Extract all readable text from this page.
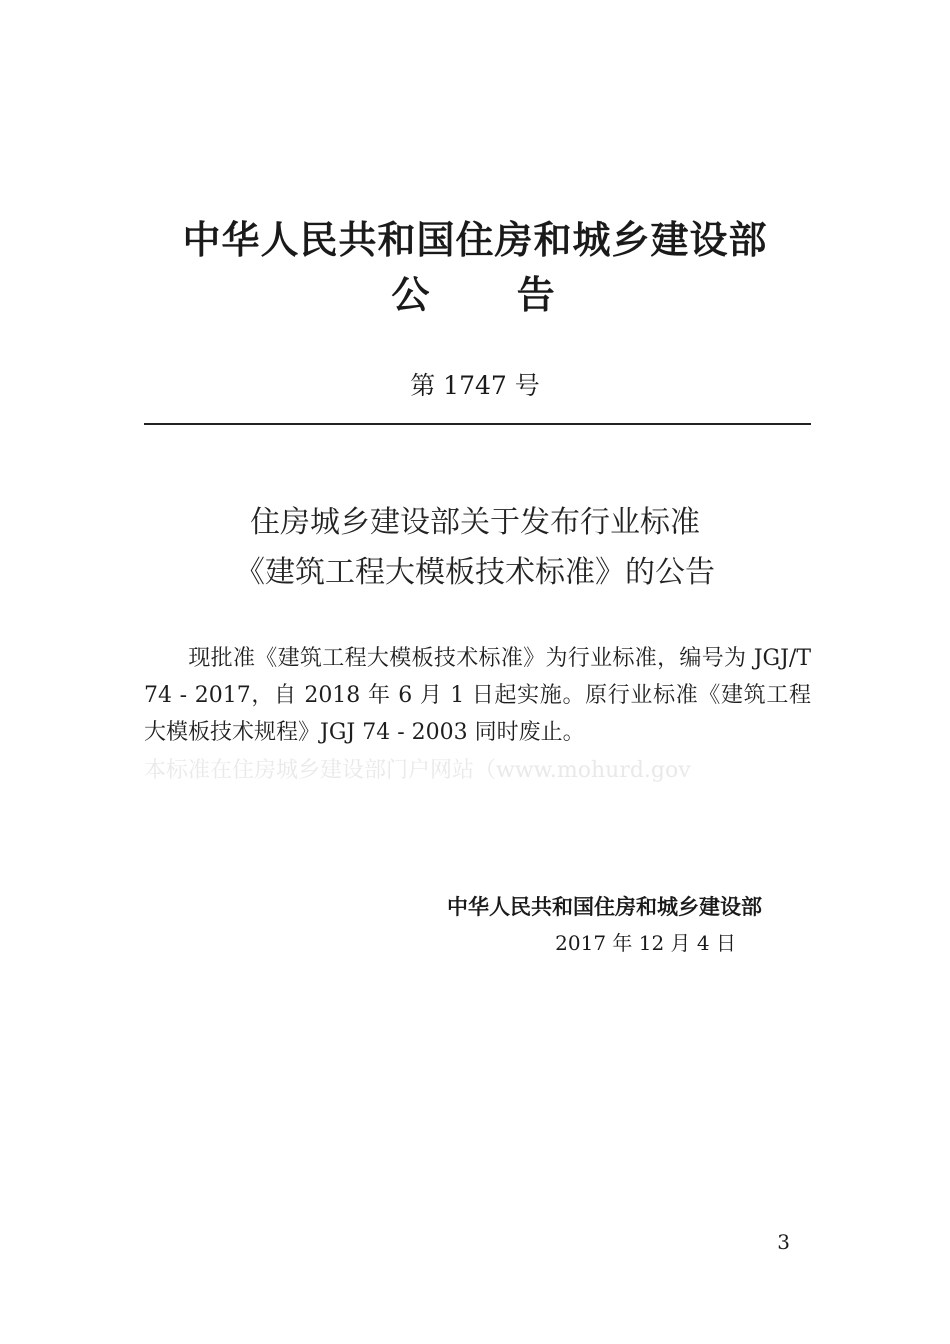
中华人民共和国住房和城乡建设部
公　　告
第 1747 号
住房城乡建设部关于发布行业标准
《建筑工程大模板技术标准》的公告
现批准《建筑工程大模板技术标准》为行业标准，编号为 JGJ/T 74 - 2017，自 2018 年 6 月 1 日起实施。原行业标准《建筑工程大模板技术规程》JGJ 74 - 2003 同时废止。
本标准在住房城乡建设部门户网站（www.mohurd.gov
中华人民共和国住房和城乡建设部
2017 年 12 月 4 日
3
